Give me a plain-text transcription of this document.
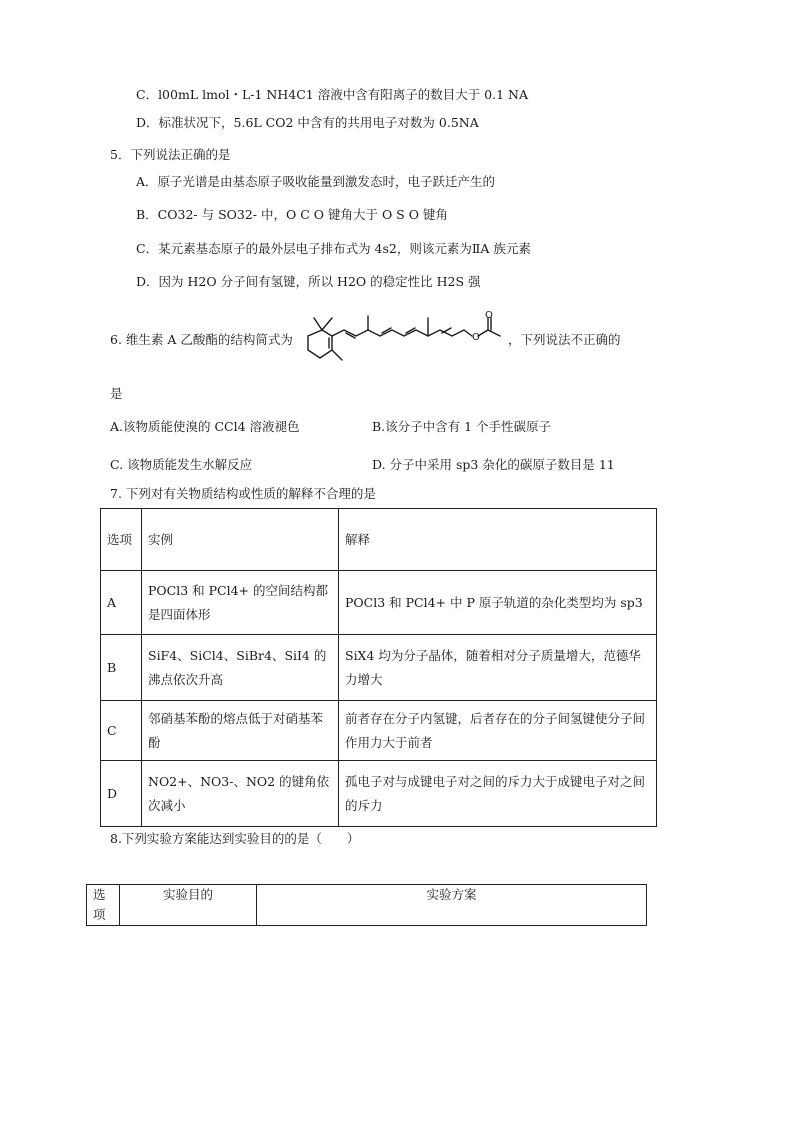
C．l00mL lmol・L-1 NH4C1 溶液中含有阳离子的数目大于 0.1 NA
D．标准状况下，5.6L CO2 中含有的共用电子对数为 0.5NA
5．下列说法正确的是
A．原子光谱是由基态原子吸收能量到激发态时，电子跃迁产生的
B．CO32- 与 SO32- 中，O C O 键角大于 O S O 键角
C．某元素基态原子的最外层电子排布式为 4s2，则该元素为ⅡA 族元素
D．因为 H2O 分子间有氢键，所以 H2O 的稳定性比 H2S 强
6. 维生素 A 乙酸酯的结构简式为	O
O
，下列说法不正确的
是
A.该物质能使溴的 CCl4 溶液褪色	B.该分子中含有 1 个手性碳原子
C. 该物质能发生水解反应	D. 分子中采用 sp3 杂化的碳原子数目是 11
7. 下列对有关物质结构或性质的解释不合理的是
选项	实例	解释
A	POCl3 和 PCl4+ 的空间结构都是四面体形	POCl3 和 PCl4+ 中 P 原子轨道的杂化类型均为 sp3
B	SiF4、SiCl4、SiBr4、SiI4 的沸点依次升高	SiX4 均为分子晶体，随着相对分子质量增大，范德华力增大
C	邻硝基苯酚的熔点低于对硝基苯酚	前者存在分子内氢键，后者存在的分子间氢键使分子间作用力大于前者
D	NO2+、NO3-、NO2 的键角依次减小	孤电子对与成键电子对之间的斥力大于成键电子对之间的斥力
8.下列实验方案能达到实验目的的是（　　）
选项	实验目的	实验方案
